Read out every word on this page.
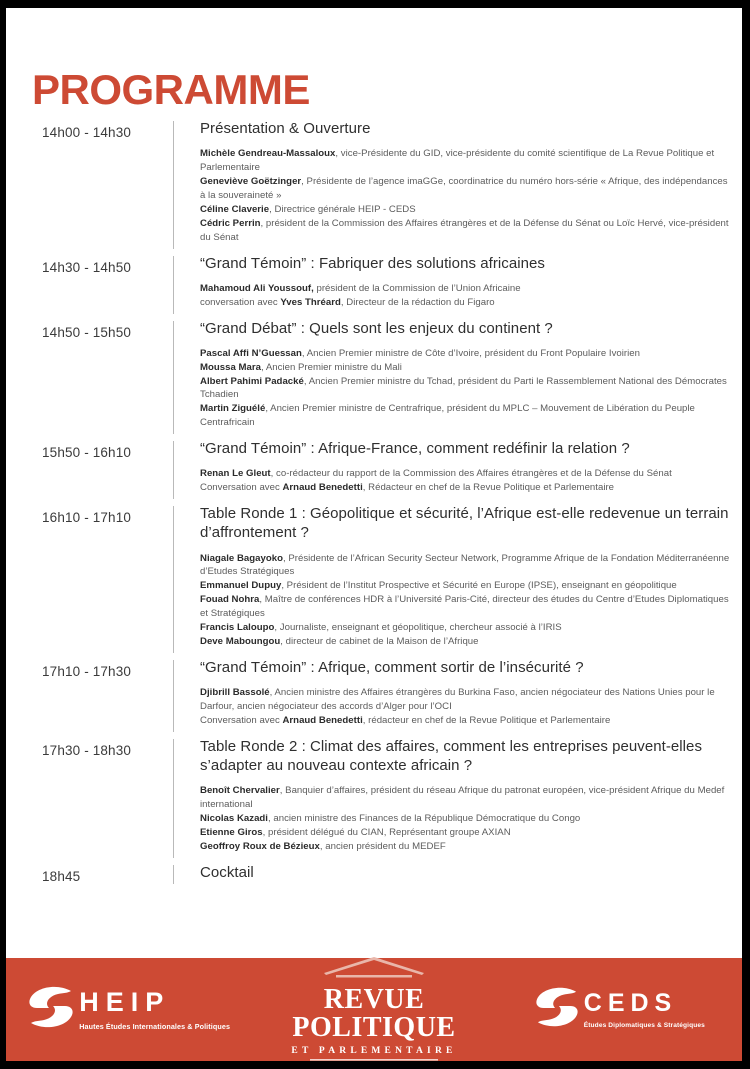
PROGRAMME
14h00 - 14h30	Présentation & Ouverture
Michèle Gendreau-Massaloux, vice-Présidente du GID, vice-présidente du comité scientifique de La Revue Politique et Parlementaire
Geneviève Goëtzinger, Présidente de l’agence imaGGe, coordinatrice du numéro hors-série « Afrique, des indépendances à la souveraineté »
Céline Claverie, Directrice générale HEIP - CEDS
Cédric Perrin, président de la Commission des Affaires étrangères et de la Défense du Sénat ou Loïc Hervé, vice-président du Sénat
14h30 - 14h50	“Grand Témoin” : Fabriquer des solutions africaines
Mahamoud Ali Youssouf, président de la Commission de l’Union Africaine
conversation avec Yves Thréard, Directeur de la rédaction du Figaro
14h50 - 15h50	“Grand Débat” : Quels sont les enjeux du continent ?
Pascal Affi N’Guessan, Ancien Premier ministre de Côte d’Ivoire, président du Front Populaire Ivoirien
Moussa Mara, Ancien Premier ministre du Mali
Albert Pahimi Padacké, Ancien Premier ministre du Tchad, président du Parti le Rassemblement National des Démocrates Tchadien
Martin Ziguélé, Ancien Premier ministre de Centrafrique, président du MPLC – Mouvement de Libération du Peuple Centrafricain
15h50 - 16h10	“Grand Témoin” : Afrique-France, comment redéfinir la relation ?
Renan Le Gleut, co-rédacteur du rapport de la Commission des Affaires étrangères et de la Défense du Sénat
Conversation avec Arnaud Benedetti, Rédacteur en chef de la Revue Politique et Parlementaire
16h10 - 17h10	Table Ronde 1 : Géopolitique et sécurité, l’Afrique est-elle redevenue un terrain d’affrontement ?
Niagale Bagayoko, Présidente de l’African Security Secteur Network, Programme Afrique de la Fondation Méditerranéenne d’Etudes Stratégiques
Emmanuel Dupuy, Président de l’Institut Prospective et Sécurité en Europe (IPSE), enseignant en géopolitique
Fouad Nohra, Maître de conférences HDR à l’Université Paris-Cité, directeur des études du Centre d’Etudes Diplomatiques et Stratégiques
Francis Laloupo, Journaliste, enseignant et géopolitique, chercheur associé à l’IRIS
Deve Maboungou, directeur de cabinet de la Maison de l’Afrique
17h10 - 17h30	“Grand Témoin” : Afrique, comment sortir de l’insécurité ?
Djibrill Bassolé, Ancien ministre des Affaires étrangères du Burkina Faso, ancien négociateur des Nations Unies pour le Darfour, ancien négociateur des accords d’Alger pour l’OCI
Conversation avec Arnaud Benedetti, rédacteur en chef de la Revue Politique et Parlementaire
17h30 - 18h30	Table Ronde 2 : Climat des affaires, comment les entreprises peuvent-elles s’adapter au nouveau contexte africain ?
Benoît Chervalier, Banquier d’affaires, président du réseau Afrique du patronat européen, vice-président Afrique du Medef international
Nicolas Kazadi, ancien ministre des Finances de la République Démocratique du Congo
Etienne Giros, président délégué du CIAN, Représentant groupe AXIAN
Geoffroy Roux de Bézieux, ancien président du MEDEF
18h45	Cocktail
HEIP
Hautes Études Internationales & Politiques
REVUE POLITIQUE
ET PARLEMENTAIRE
CEDS
Études Diplomatiques & Stratégiques
